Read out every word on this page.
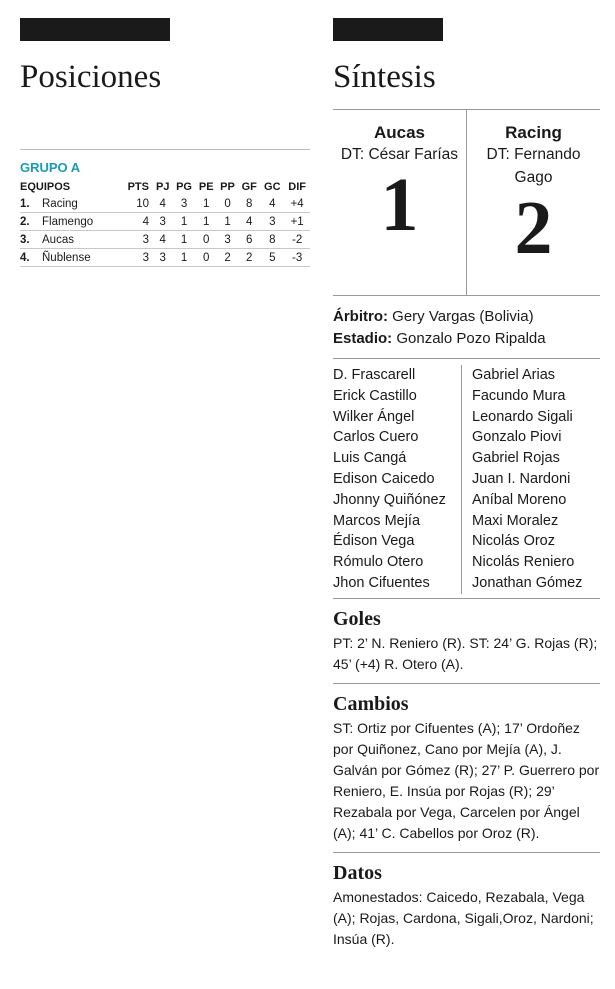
Posiciones
GRUPO A
EQUIPOS		PTS	PJ	PG	PE	PP	GF	GC	DIF
1.	Racing	10	4	3	1	0	8	4	+4
2.	Flamengo	4	3	1	1	1	4	3	+1
3.	Aucas	3	4	1	0	3	6	8	-2
4.	Ñublense	3	3	1	0	2	2	5	-3
Síntesis
Aucas
DT: César Farías
1
Racing
DT: Fernando Gago
2
Árbitro: Gery Vargas (Bolivia)
Estadio: Gonzalo Pozo Ripalda
D. Frascarell
Erick Castillo
Wilker Ángel
Carlos Cuero
Luis Cangá
Edison Caicedo
Jhonny Quiñónez
Marcos Mejía
Édison Vega
Rómulo Otero
Jhon Cifuentes
Gabriel Arias
Facundo Mura
Leonardo Sigali
Gonzalo Piovi
Gabriel Rojas
Juan I. Nardoni
Aníbal Moreno
Maxi Moralez
Nicolás Oroz
Nicolás Reniero
Jonathan Gómez
Goles
PT: 2’ N. Reniero (R). ST: 24’ G. Rojas (R); 45’ (+4) R. Otero (A).
Cambios
ST: Ortiz por Cifuentes (A); 17’ Ordoñez por Quiñonez, Cano por Mejía (A), J. Galván por Gómez (R); 27’ P. Guerrero por Reniero, E. Insúa por Rojas (R); 29’ Rezabala por Vega, Carcelen por Ángel (A); 41’ C. Cabellos por Oroz (R).
Datos
Amonestados: Caicedo, Rezabala, Vega (A); Rojas, Cardona, Sigali,Oroz, Nardoni; Insúa (R).
